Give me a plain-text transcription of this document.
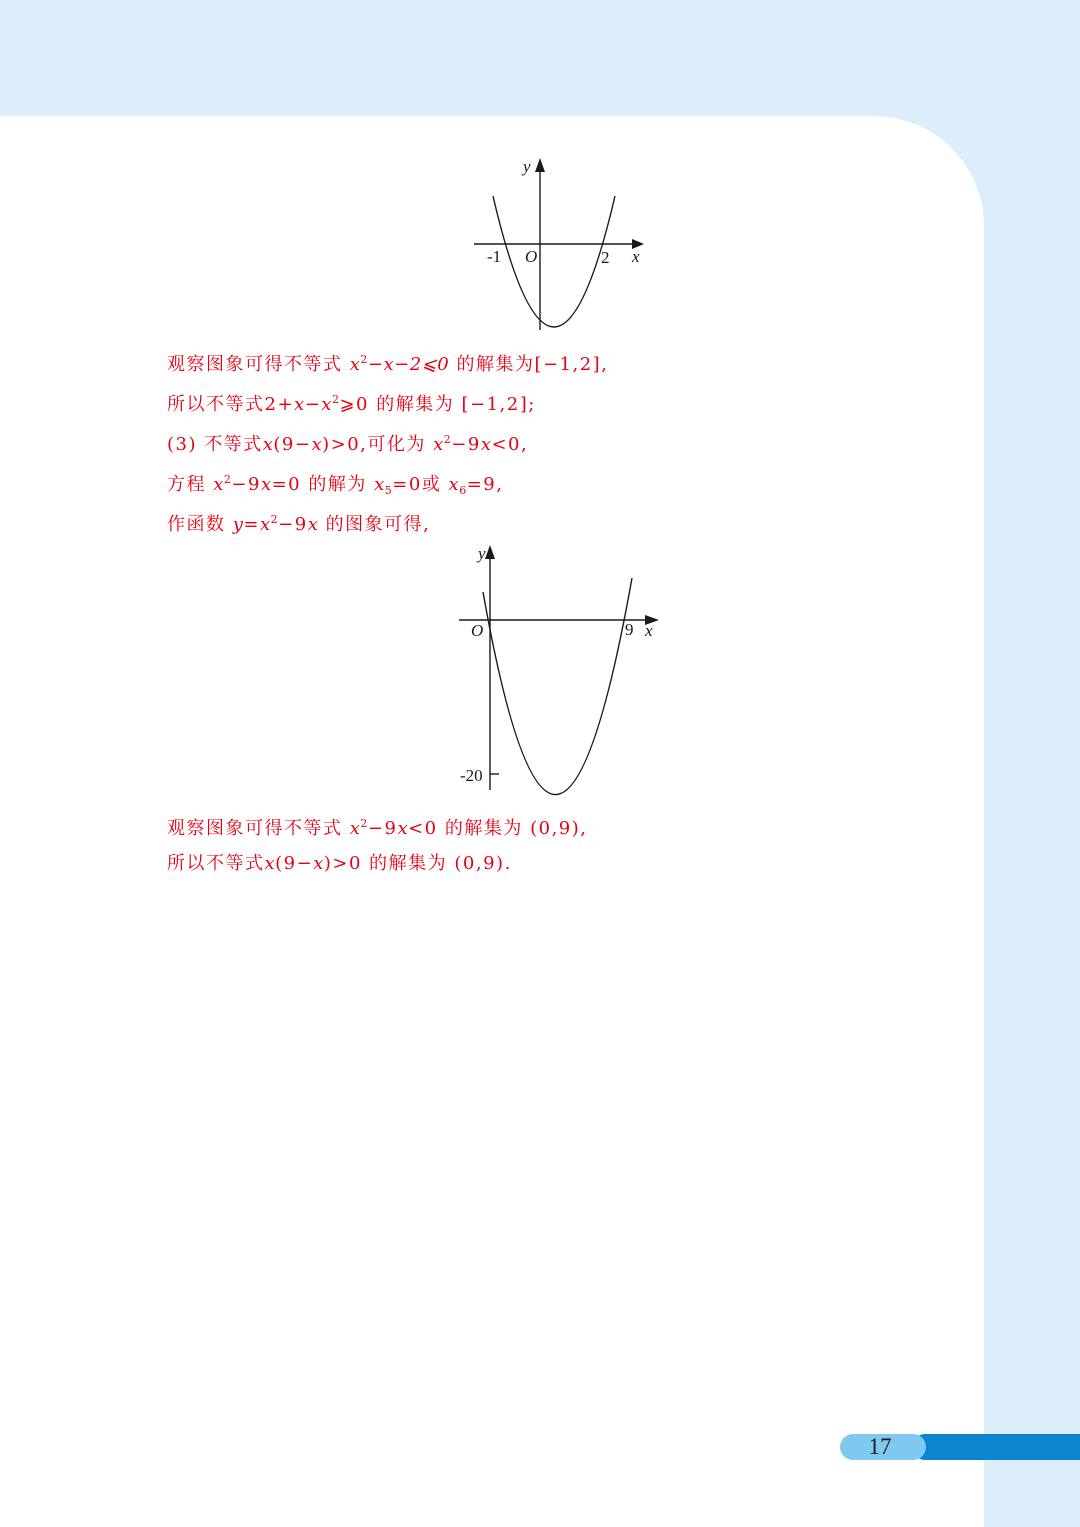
y
x
O
-1	2
y
x
O	9
-20
观察图象可得不等式 $x^2-x-2⩽0$ 的解集为[−1,2],
所以不等式$2+x-x^2⩾0$ 的解集为 [−1,2];
(3) 不等式x(9−x)>0,可化为 $x^2-9x<0$,
方程 $x^2-9x=0$ 的解为 $x_5=0$或 $x_6=9$,
作函数 $y=x^2-9x$ 的图象可得,
观察图象可得不等式 $x^2-9x<0$ 的解集为 (0,9),
所以不等式x(9−x)>0 的解集为 (0,9).
17
